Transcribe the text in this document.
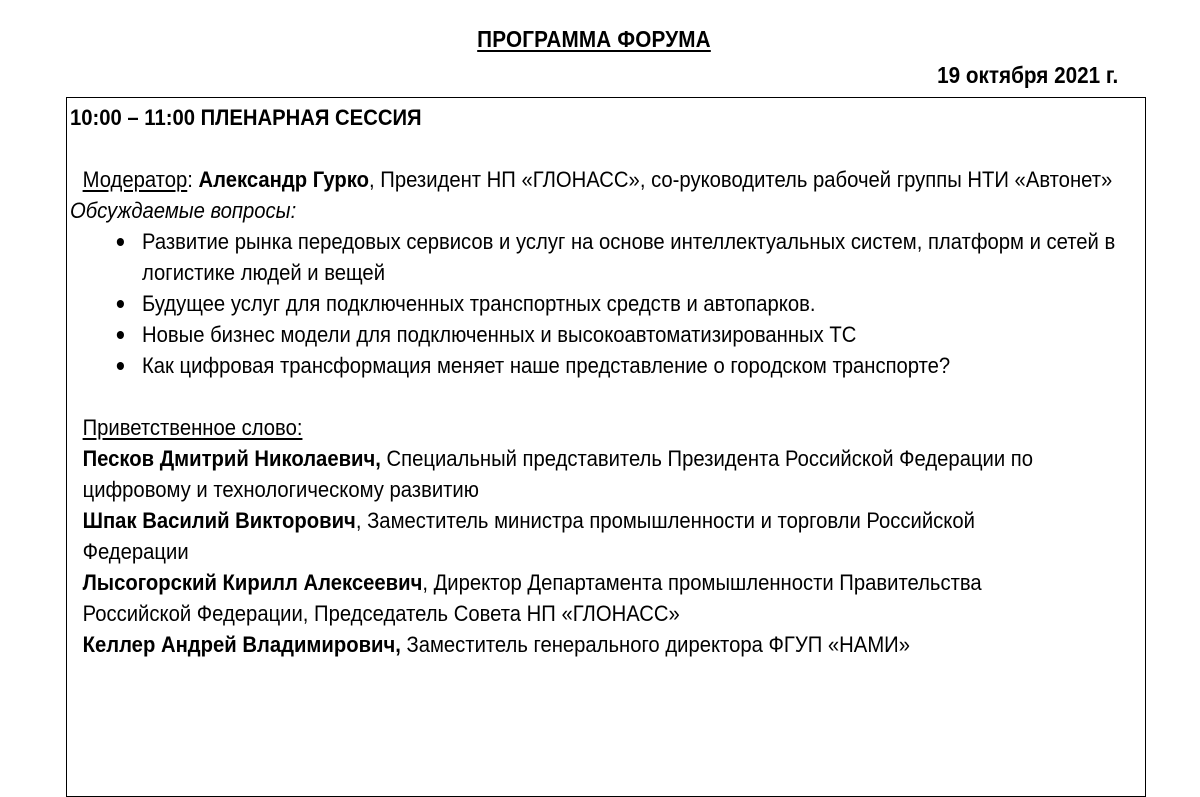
ПРОГРАММА ФОРУМА
19 октября 2021 г.
10:00 – 11:00 ПЛЕНАРНАЯ СЕССИЯ
Модератор: Александр Гурко, Президент НП «ГЛОНАСС», со-руководитель рабочей группы НТИ «Автонет»
Обсуждаемые вопросы:
Развитие рынка передовых сервисов и услуг на основе интеллектуальных систем, платформ и сетей в логистике людей и вещей
Будущее услуг для подключенных транспортных средств и автопарков.
Новые бизнес модели для подключенных и высокоавтоматизированных ТС
Как цифровая трансформация меняет наше представление о городском транспорте?
Приветственное слово:
Песков Дмитрий Николаевич, Специальный представитель Президента Российской Федерации по цифровому и технологическому развитию
Шпак Василий Викторович, Заместитель министра промышленности и торговли Российской Федерации
Лысогорский Кирилл Алексеевич, Директор Департамента промышленности Правительства Российской Федерации, Председатель Совета НП «ГЛОНАСС»
Келлер Андрей Владимирович, Заместитель генерального директора ФГУП «НАМИ»
